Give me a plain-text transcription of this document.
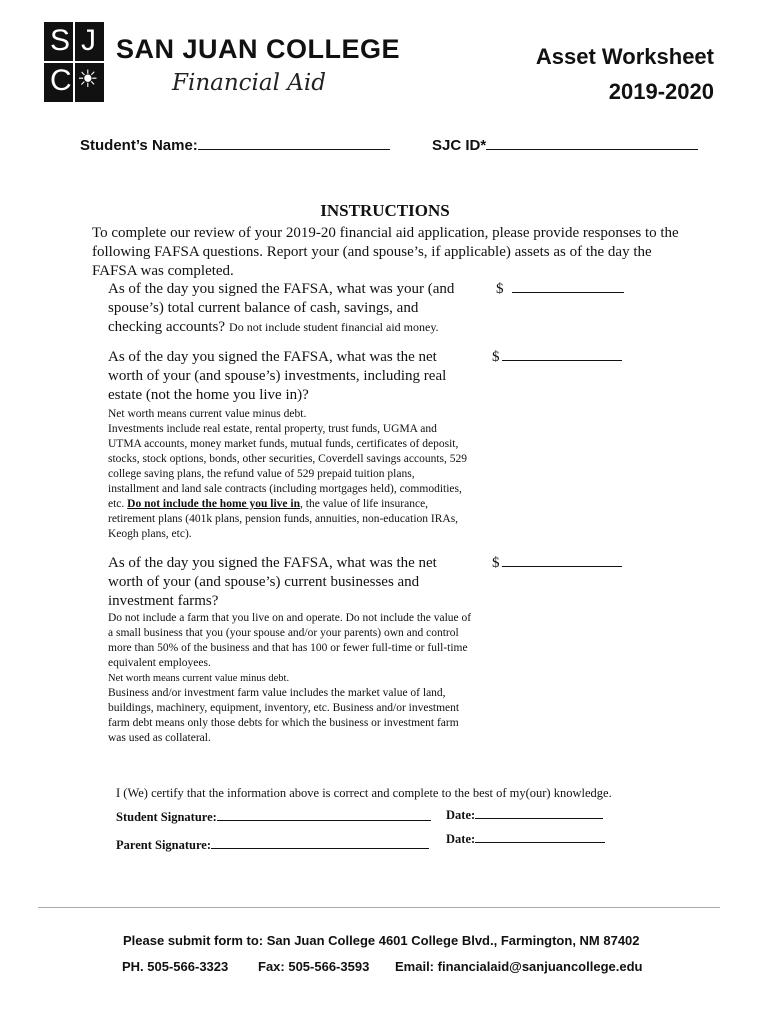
S J
C ☀
SAN JUAN COLLEGE
Financial Aid
Asset Worksheet
2019-2020
Student’s Name:	SJC ID*
INSTRUCTIONS
To complete our review of your 2019-20 financial aid application, please provide responses to the following FAFSA questions. Report your (and spouse’s, if applicable) assets as of the day the FAFSA was completed.
As of the day you signed the FAFSA, what was your (and spouse’s) total current balance of cash, savings, and checking accounts? Do not include student financial aid money.
$
As of the day you signed the FAFSA, what was the net worth of your (and spouse’s) investments, including real estate (not the home you live in)?
Net worth means current value minus debt.
Investments include real estate, rental property, trust funds, UGMA and UTMA accounts, money market funds, mutual funds, certificates of deposit, stocks, stock options, bonds, other securities, Coverdell savings accounts, 529 college saving plans, the refund value of 529 prepaid tuition plans, installment and land sale contracts (including mortgages held), commodities, etc. Do not include the home you live in, the value of life insurance, retirement plans (401k plans, pension funds, annuities, non-education IRAs, Keogh plans, etc).
$
As of the day you signed the FAFSA, what was the net worth of your (and spouse’s) current businesses and investment farms?
Do not include a farm that you live on and operate. Do not include the value of a small business that you (your spouse and/or your parents) own and control more than 50% of the business and that has 100 or fewer full-time or full-time equivalent employees.
Net worth means current value minus debt.
Business and/or investment farm value includes the market value of land, buildings, machinery, equipment, inventory, etc. Business and/or investment farm debt means only those debts for which the business or investment farm was used as collateral.
$
I (We) certify that the information above is correct and complete to the best of my(our) knowledge.
Student Signature:	Date:
Parent Signature:	Date:
Please submit form to: San Juan College 4601 College Blvd., Farmington, NM 87402
PH. 505-566-3323 Fax: 505-566-3593 Email: financialaid@sanjuancollege.edu
